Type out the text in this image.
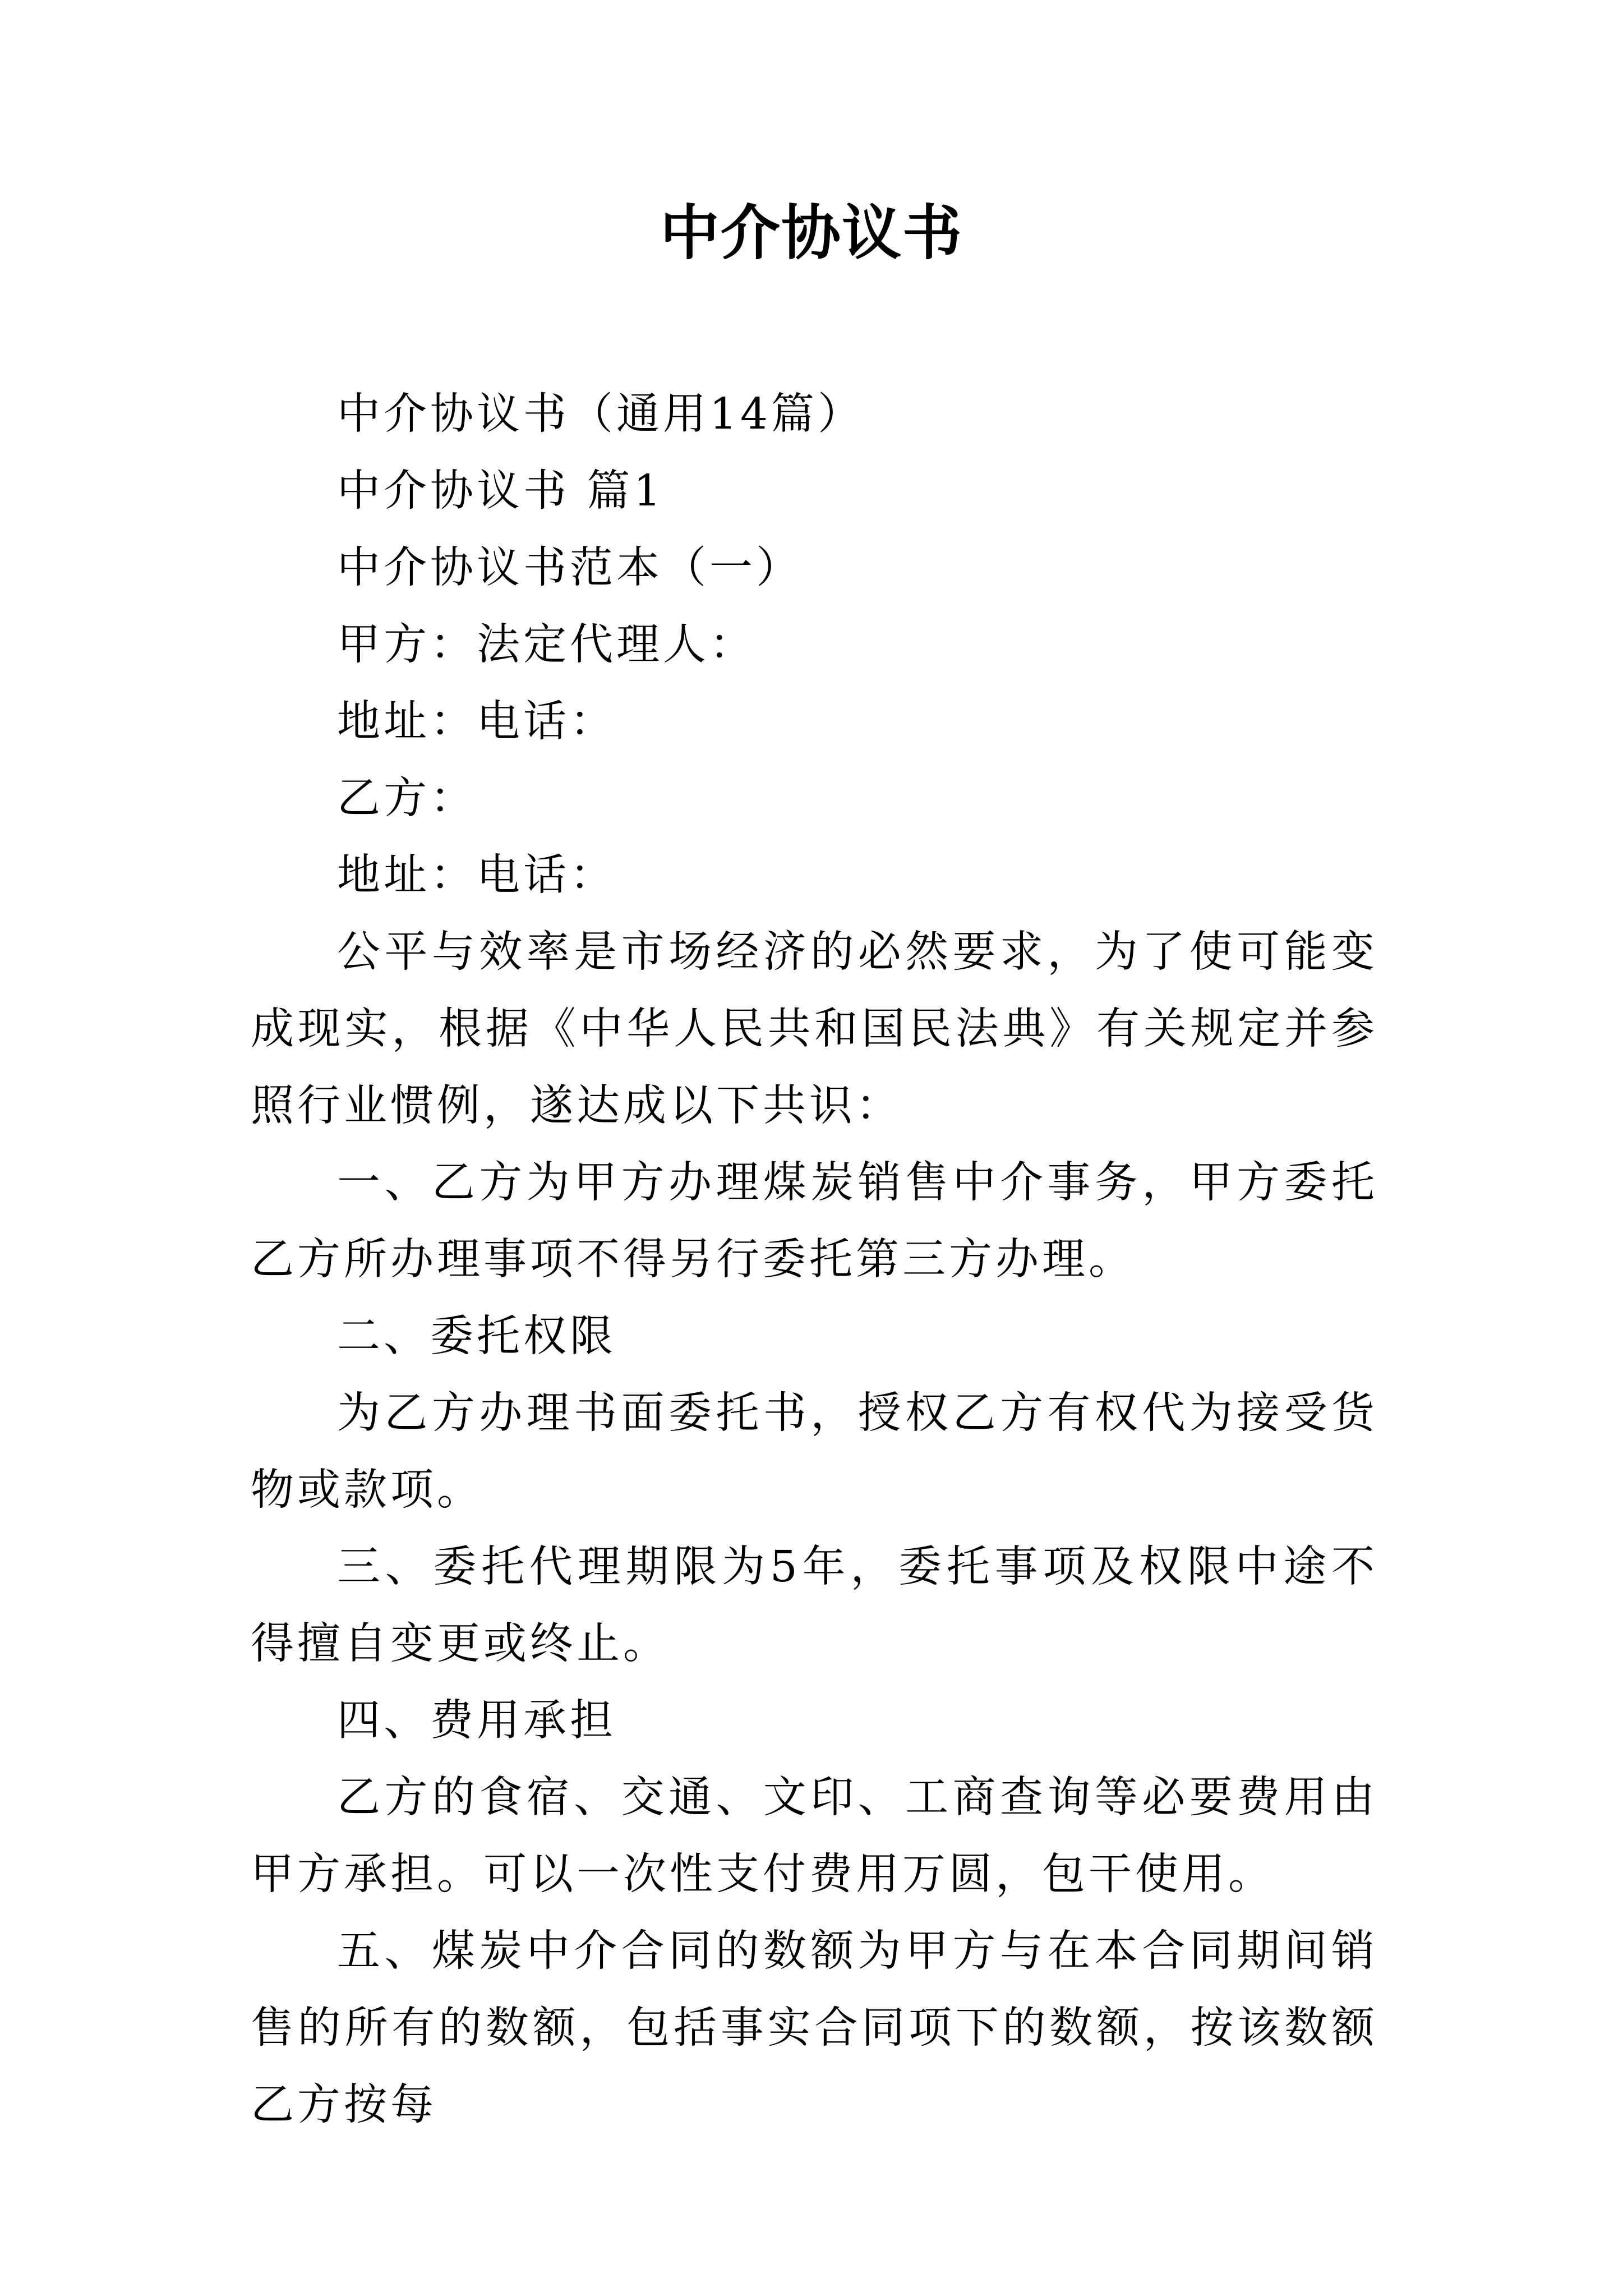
中介协议书

中介协议书（通用14篇）

中介协议书 篇1

中介协议书范本（一）

甲方：法定代理人：

地址：电话：

乙方：

地址：电话：

公平与效率是市场经济的必然要求，为了使可能变成现实，根据《中华人民共和国民法典》有关规定并参照行业惯例，遂达成以下共识：

一、乙方为甲方办理煤炭销售中介事务，甲方委托乙方所办理事项不得另行委托第三方办理。

二、委托权限

为乙方办理书面委托书，授权乙方有权代为接受货物或款项。

三、委托代理期限为5年，委托事项及权限中途不得擅自变更或终止。

四、费用承担

乙方的食宿、交通、文印、工商查询等必要费用由甲方承担。可以一次性支付费用万圆，包干使用。

五、煤炭中介合同的数额为甲方与在本合同期间销售的所有的数额，包括事实合同项下的数额，按该数额乙方按每
